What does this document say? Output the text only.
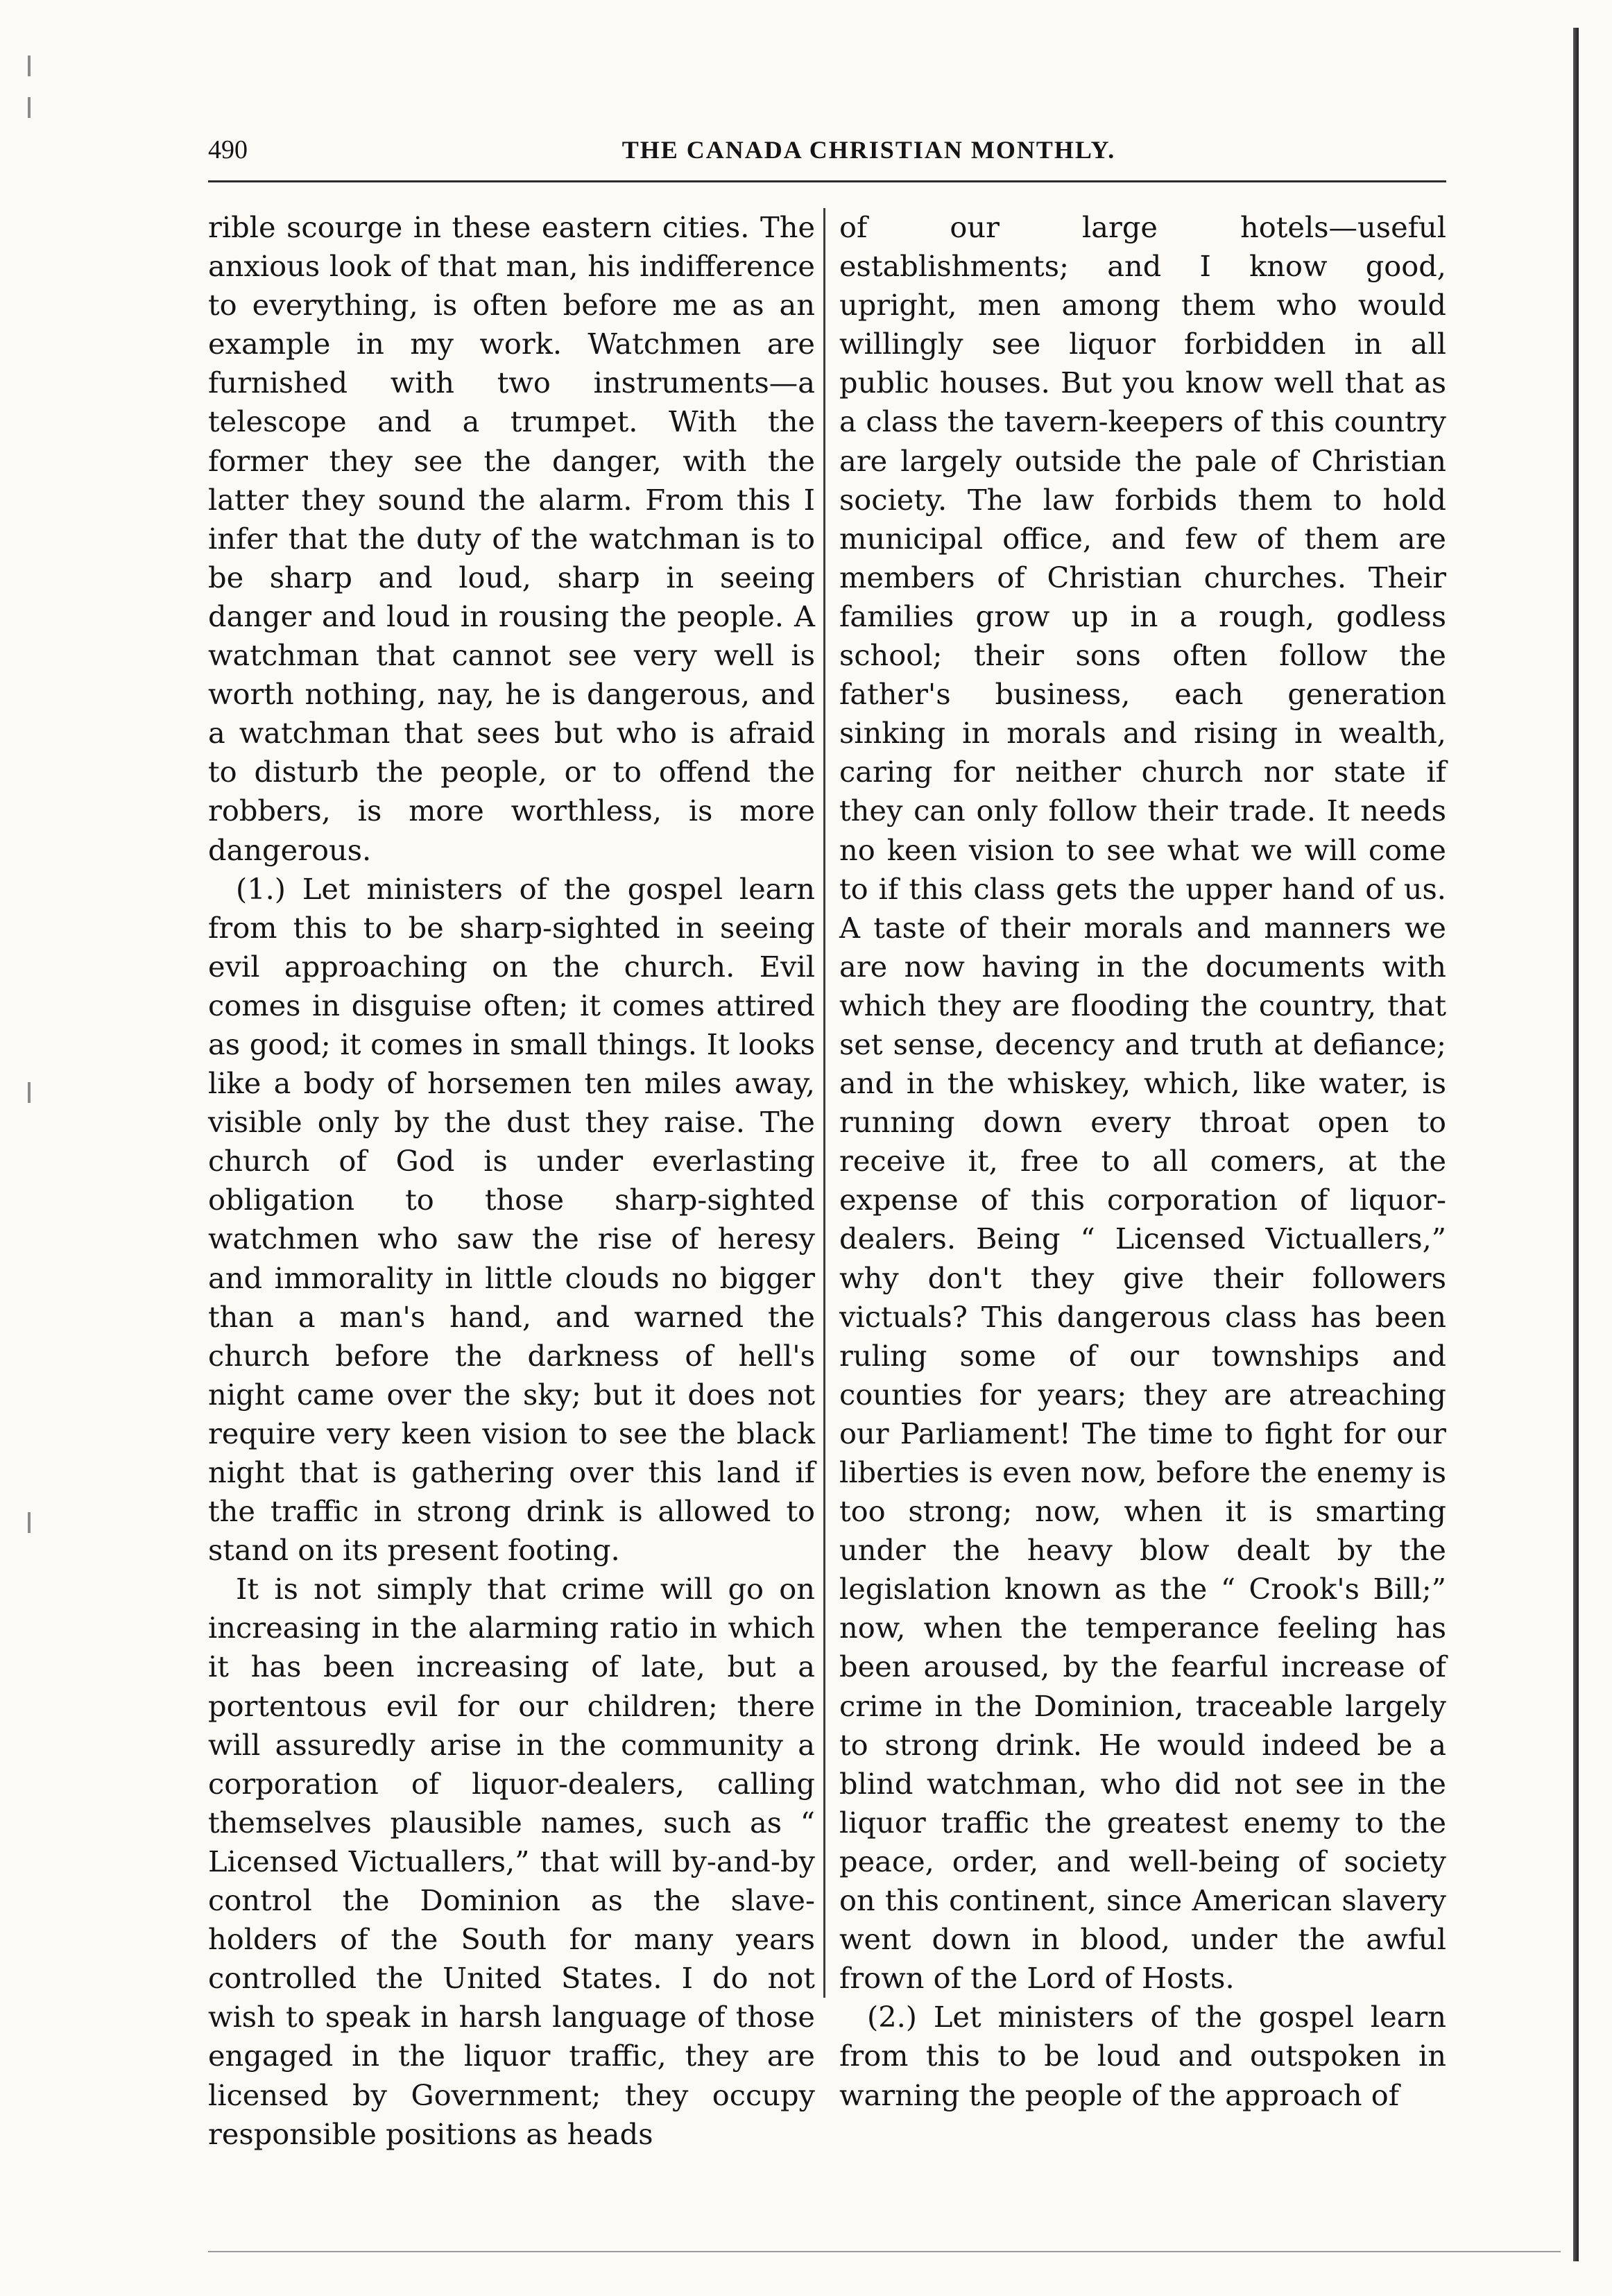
490	THE CANADA CHRISTIAN MONTHLY.

rible scourge in these eastern cities. The anxious look of that man, his indifference to everything, is often before me as an example in my work. Watchmen are furnished with two instruments—a telescope and a trumpet. With the former they see the danger, with the latter they sound the alarm. From this I infer that the duty of the watchman is to be sharp and loud, sharp in seeing danger and loud in rousing the people. A watchman that cannot see very well is worth nothing, nay, he is dangerous, and a watchman that sees but who is afraid to disturb the people, or to offend the robbers, is more worthless, is more dangerous.

(1.) Let ministers of the gospel learn from this to be sharp-sighted in seeing evil approaching on the church. Evil comes in disguise often; it comes attired as good; it comes in small things. It looks like a body of horsemen ten miles away, visible only by the dust they raise. The church of God is under everlasting obligation to those sharp-sighted watchmen who saw the rise of heresy and immorality in little clouds no bigger than a man's hand, and warned the church before the darkness of hell's night came over the sky; but it does not require very keen vision to see the black night that is gathering over this land if the traffic in strong drink is allowed to stand on its present footing.

It is not simply that crime will go on increasing in the alarming ratio in which it has been increasing of late, but a portentous evil for our children; there will assuredly arise in the community a corporation of liquor-dealers, calling themselves plausible names, such as “ Licensed Victuallers,” that will by-and-by control the Dominion as the slave-holders of the South for many years controlled the United States. I do not wish to speak in harsh language of those engaged in the liquor traffic, they are licensed by Government; they occupy responsible positions as heads

of our large hotels—useful establishments; and I know good, upright, men among them who would willingly see liquor forbidden in all public houses. But you know well that as a class the tavern-keepers of this country are largely outside the pale of Christian society. The law forbids them to hold municipal office, and few of them are members of Christian churches. Their families grow up in a rough, godless school; their sons often follow the father's business, each generation sinking in morals and rising in wealth, caring for neither church nor state if they can only follow their trade. It needs no keen vision to see what we will come to if this class gets the upper hand of us. A taste of their morals and manners we are now having in the documents with which they are flooding the country, that set sense, decency and truth at defiance; and in the whiskey, which, like water, is running down every throat open to receive it, free to all comers, at the expense of this corporation of liquor-dealers. Being “ Licensed Victuallers,” why don't they give their followers victuals? This dangerous class has been ruling some of our townships and counties for years; they are atreaching our Parliament! The time to fight for our liberties is even now, before the enemy is too strong; now, when it is smarting under the heavy blow dealt by the legislation known as the “ Crook's Bill;” now, when the temperance feeling has been aroused, by the fearful increase of crime in the Dominion, traceable largely to strong drink. He would indeed be a blind watchman, who did not see in the liquor traffic the greatest enemy to the peace, order, and well-being of society on this continent, since American slavery went down in blood, under the awful frown of the Lord of Hosts.

(2.) Let ministers of the gospel learn from this to be loud and outspoken in warning the people of the approach of
